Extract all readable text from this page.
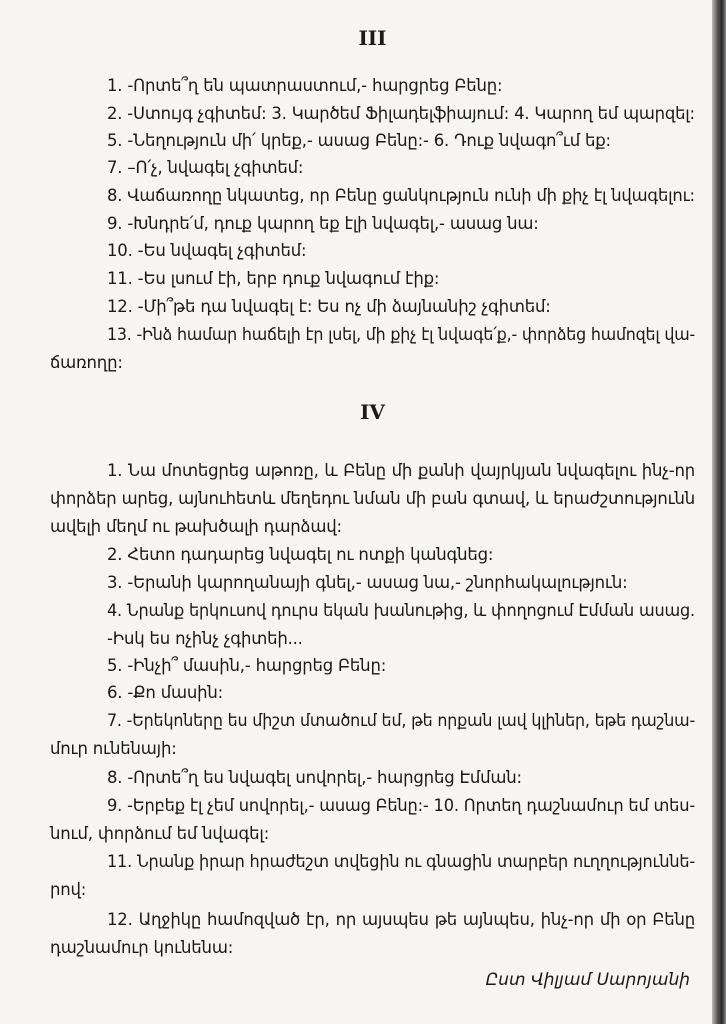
III
1. -Որտե՞ղ են պատրաստում,- հարցրեց Բենը:
2. -Ստույգ չգիտեմ: 3. Կարծեմ Ֆիլադելֆիայում: 4. Կարող եմ պարզել:
5. -Նեղություն մի՛ կրեք,- ասաց Բենը:- 6. Դուք նվագո՞ւմ եք:
7. –Ո՛չ, նվագել չգիտեմ:
8. Վաճառողը նկատեց, որ Բենը ցանկություն ունի մի քիչ էլ նվագելու:
9. -Խնդրե՛մ, դուք կարող եք էլի նվագել,- ասաց նա:
10. -Ես նվագել չգիտեմ:
11. -Ես լսում էի, երբ դուք նվագում էիք:
12. -Մի՞թե դա նվագել է: Ես ոչ մի ձայնանիշ չգիտեմ:
13. -Ինձ համար հաճելի էր լսել, մի քիչ էլ նվագե՛ք,- փորձեց համոզել վա-
ճառողը:
IV
1. Նա մոտեցրեց աթոռը, և Բենը մի քանի վայրկյան նվագելու ինչ-որ
փորձեր արեց, այնուհետև մեղեդու նման մի բան գտավ, և երաժշտությունն
ավելի մեղմ ու թախծալի դարձավ:
2. Հետո դադարեց նվագել ու ոտքի կանգնեց:
3. -Երանի կարողանայի գնել,- ասաց նա,- շնորհակալություն:
4. Նրանք երկուսով դուրս եկան խանութից, և փողոցում Էմման ասաց.
-Իսկ ես ոչինչ չգիտեի...
5. -Ինչի՞ մասին,- հարցրեց Բենը:
6. -Քո մասին:
7. -Երեկոները ես միշտ մտածում եմ, թե որքան լավ կլիներ, եթե դաշնա-
մուր ունենայի:
8. -Որտե՞ղ ես նվագել սովորել,- հարցրեց Էմման:
9. -Երբեք էլ չեմ սովորել,- ասաց Բենը:- 10. Որտեղ դաշնամուր եմ տես-
նում, փորձում եմ նվագել:
11. Նրանք իրար հրաժեշտ տվեցին ու գնացին տարբեր ուղղություննե-
րով:
12. Աղջիկը համոզված էր, որ այսպես թե այնպես, ինչ-որ մի օր Բենը
դաշնամուր կունենա:
Ըստ Վիլյամ Սարոյանի
